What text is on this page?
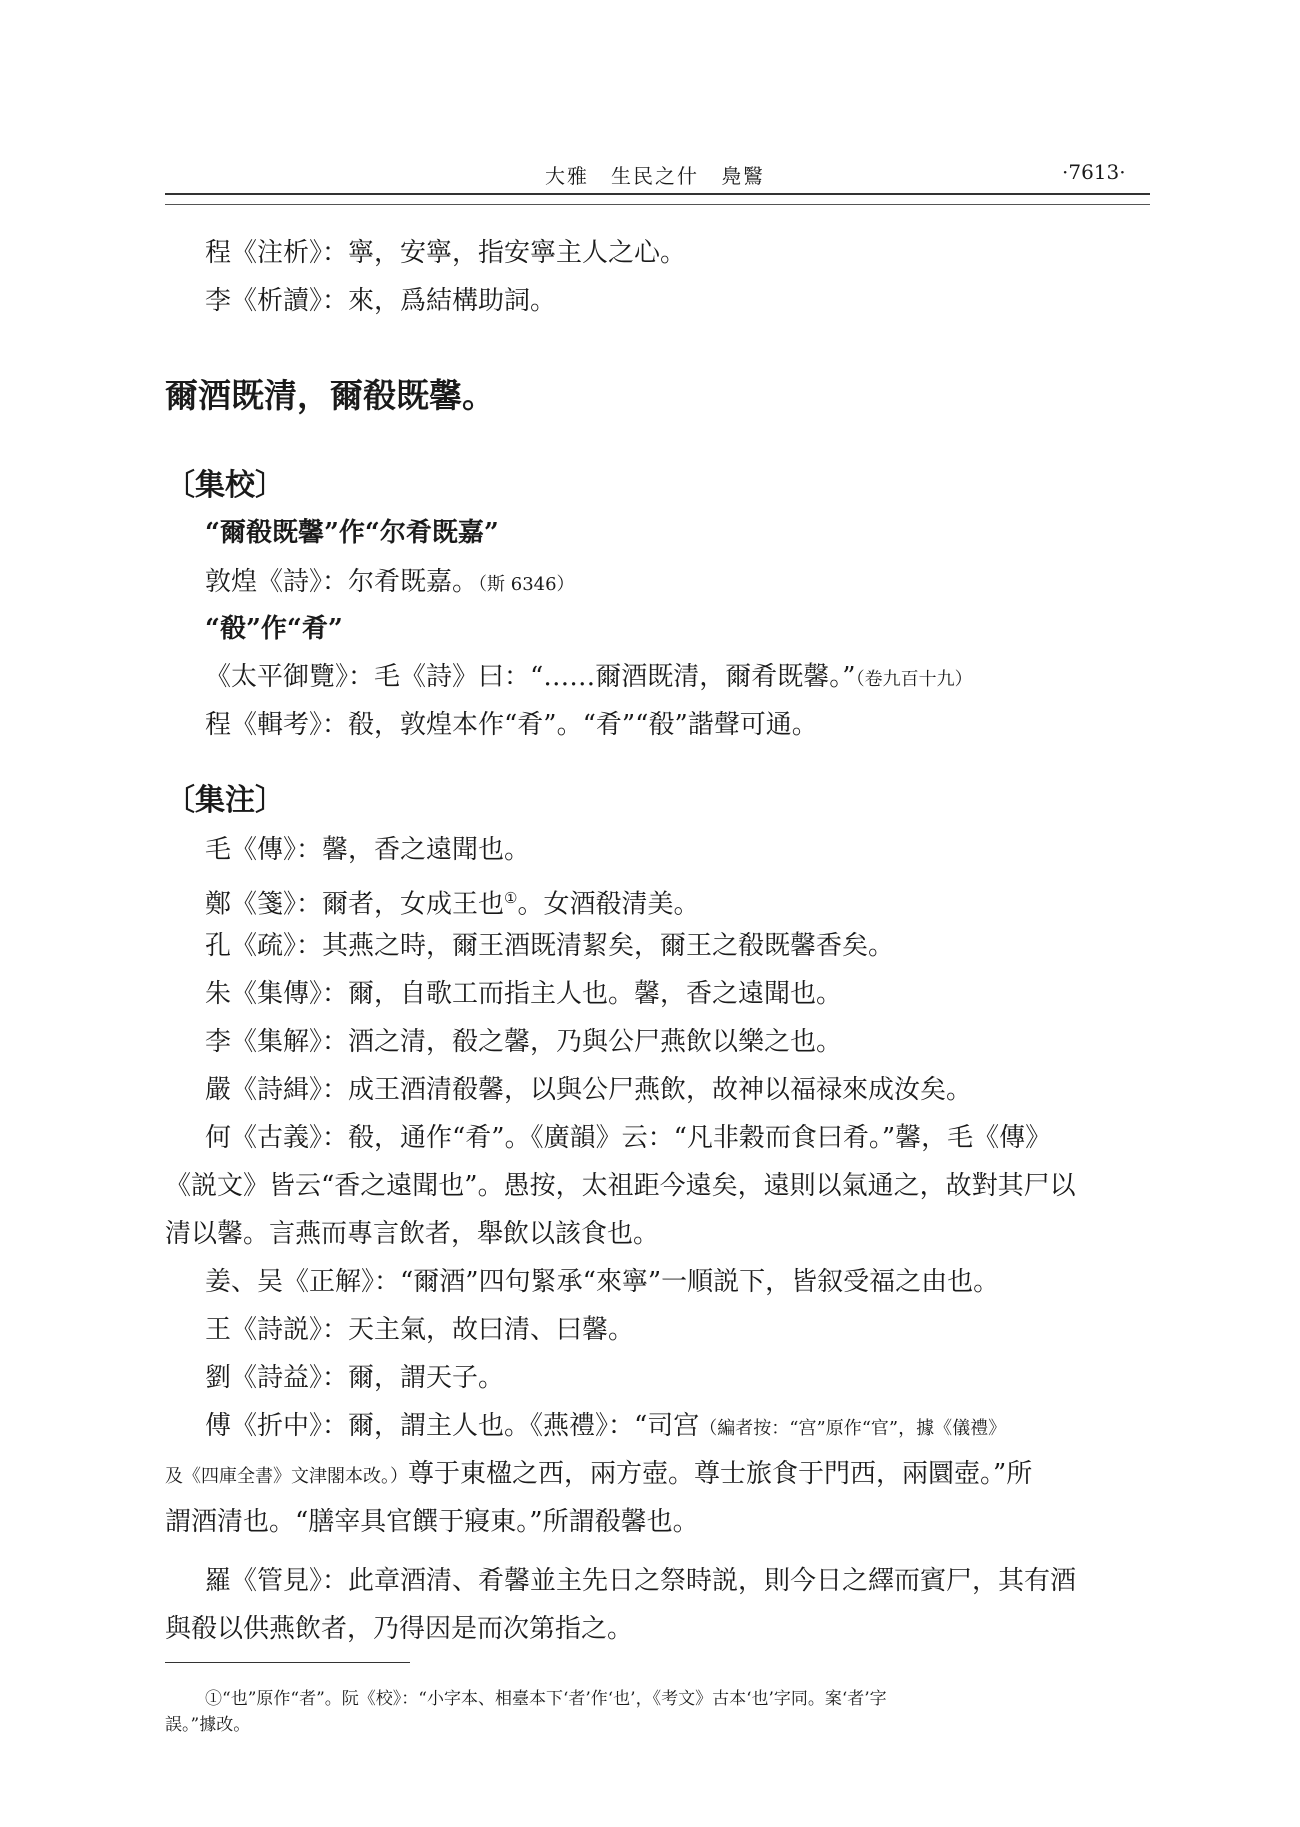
大雅　生民之什　鳧鷖	·7613·
程《注析》：寧，安寧，指安寧主人之心。
李《析讀》：來，爲結構助詞。
爾酒既清，爾殽既馨。
〔集校〕
“爾殽既馨”作“尔肴既嘉”
敦煌《詩》：尔肴既嘉。（斯 6346）
“殽”作“肴”
《太平御覽》：毛《詩》曰：“……爾酒既清，爾肴既馨。”（卷九百十九）
程《輯考》：殽，敦煌本作“肴”。“肴”“殽”諧聲可通。
〔集注〕
毛《傳》：馨，香之遠聞也。
鄭《箋》：爾者，女成王也①。女酒殽清美。
孔《疏》：其燕之時，爾王酒既清絜矣，爾王之殽既馨香矣。
朱《集傳》：爾，自歌工而指主人也。馨，香之遠聞也。
李《集解》：酒之清，殽之馨，乃與公尸燕飲以樂之也。
嚴《詩緝》：成王酒清殽馨，以與公尸燕飲，故神以福禄來成汝矣。
何《古義》：殽，通作“肴”。《廣韻》云：“凡非穀而食曰肴。”馨，毛《傳》
《説文》皆云“香之遠聞也”。愚按，太祖距今遠矣，遠則以氣通之，故對其尸以
清以馨。言燕而專言飲者，舉飲以該食也。
姜、吴《正解》：“爾酒”四句緊承“來寧”一順説下，皆叙受福之由也。
王《詩説》：天主氣，故曰清、曰馨。
劉《詩益》：爾，謂天子。
傅《折中》：爾，謂主人也。《燕禮》：“司宫（編者按：“宫”原作“官”，據《儀禮》
及《四庫全書》文津閣本改。）尊于東楹之西，兩方壺。尊士旅食于門西，兩圜壺。”所
謂酒清也。“膳宰具官饌于寢東。”所謂殽馨也。
羅《管見》：此章酒清、肴馨並主先日之祭時説，則今日之繹而賓尸，其有酒
與殽以供燕飲者，乃得因是而次第指之。
①“也”原作“者”。阮《校》：“小字本、相臺本下‘者’作‘也’，《考文》古本‘也’字同。案‘者’字
誤。”據改。
